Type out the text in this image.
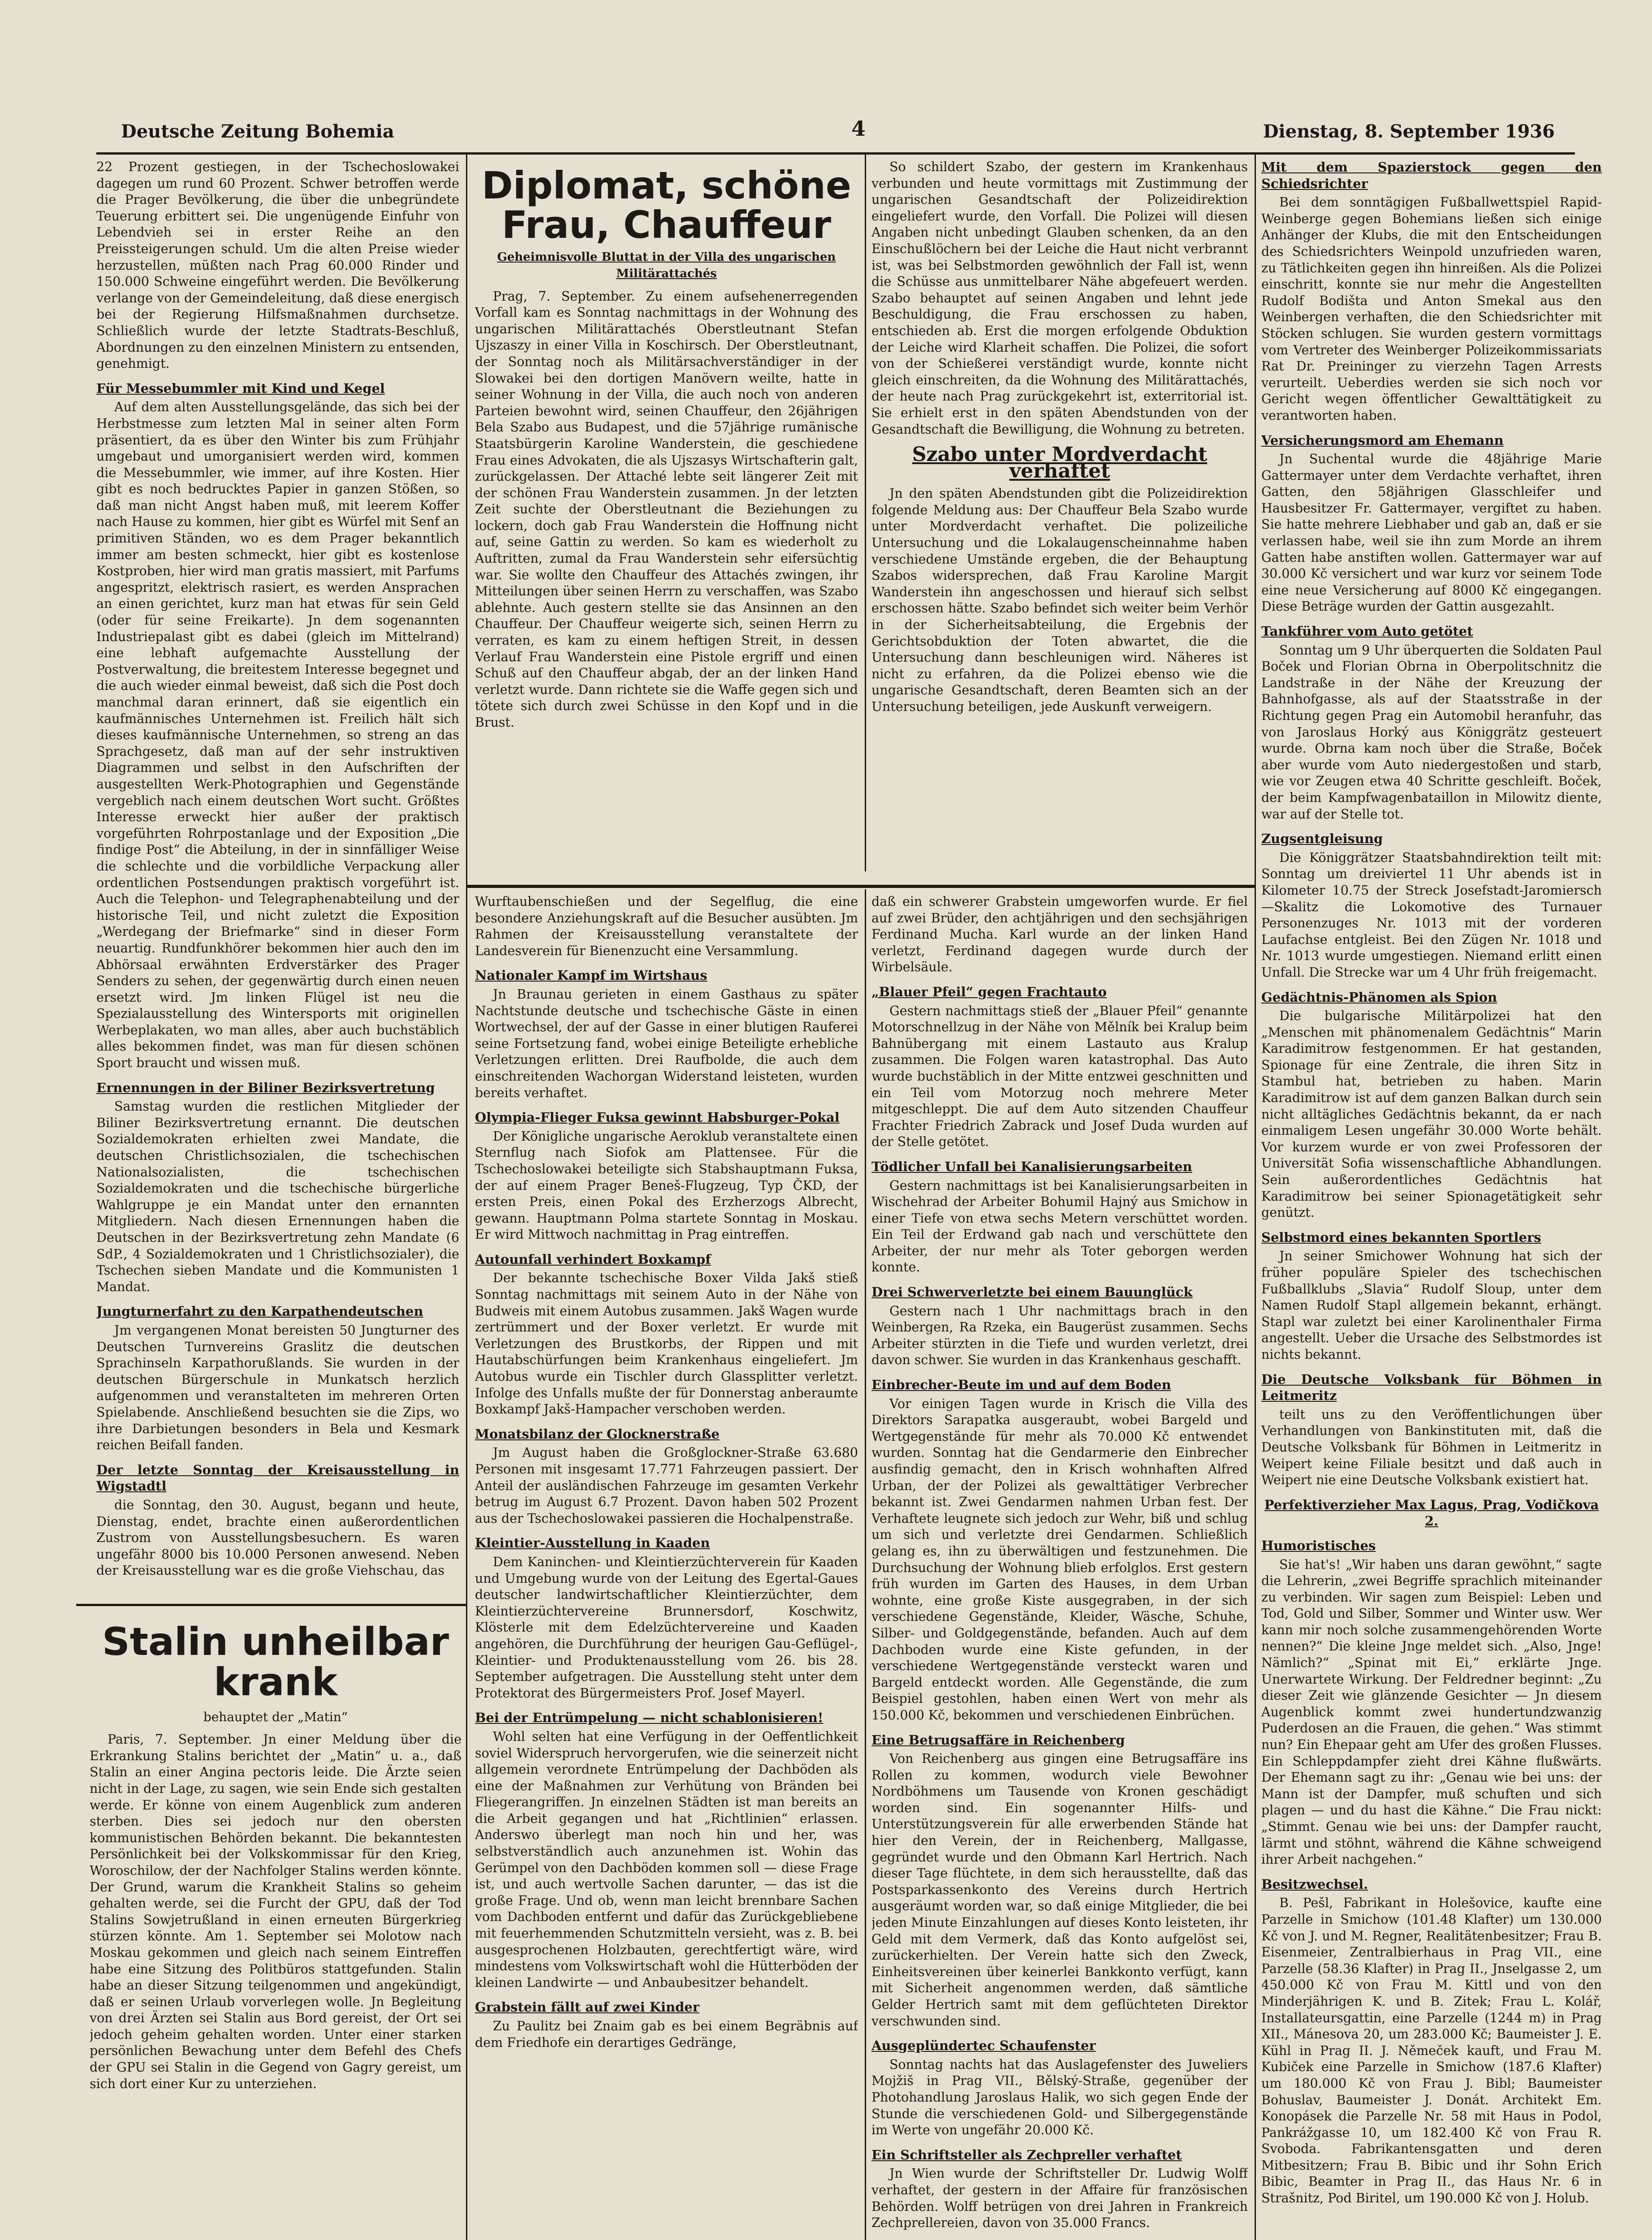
Deutsche Zeitung Bohemia	4	Dienstag, 8. September 1936

22 Prozent gestiegen, in der Tschechoslowakei dagegen um rund 60 Prozent. Schwer betroffen werde die Prager Bevölkerung, die über die unbegründete Teuerung erbittert sei. Die ungenügende Einfuhr von Lebendvieh sei in erster Reihe an den Preissteigerungen schuld. Um die alten Preise wieder herzustellen, müßten nach Prag 60.000 Rinder und 150.000 Schweine eingeführt werden. Die Bevölkerung verlange von der Gemeindeleitung, daß diese energisch bei der Regierung Hilfsmaßnahmen durchsetze. Schließlich wurde der letzte Stadtrats-Beschluß, Abordnungen zu den einzelnen Ministern zu entsenden, genehmigt.

Für Messebummler mit Kind und Kegel

Auf dem alten Ausstellungsgelände, das sich bei der Herbstmesse zum letzten Mal in seiner alten Form präsentiert, da es über den Winter bis zum Frühjahr umgebaut und umorganisiert werden wird, kommen die Messebummler, wie immer, auf ihre Kosten. Hier gibt es noch bedrucktes Papier in ganzen Stößen, so daß man nicht Angst haben muß, mit leerem Koffer nach Hause zu kommen, hier gibt es Würfel mit Senf an primitiven Ständen, wo es dem Prager bekanntlich immer am besten schmeckt, hier gibt es kostenlose Kostproben, hier wird man gratis massiert, mit Parfums angespritzt, elektrisch rasiert, es werden Ansprachen an einen gerichtet, kurz man hat etwas für sein Geld (oder für seine Freikarte). Jn dem sogenannten Industriepalast gibt es dabei (gleich im Mittelrand) eine lebhaft aufgemachte Ausstellung der Postverwaltung, die breitestem Interesse begegnet und die auch wieder einmal beweist, daß sich die Post doch manchmal daran erinnert, daß sie eigentlich ein kaufmännisches Unternehmen ist. Freilich hält sich dieses kaufmännische Unternehmen, so streng an das Sprachgesetz, daß man auf der sehr instruktiven Diagrammen und selbst in den Aufschriften der ausgestellten Werk-Photographien und Gegenstände vergeblich nach einem deutschen Wort sucht. Größtes Interesse erweckt hier außer der praktisch vorgeführten Rohrpostanlage und der Exposition „Die findige Post“ die Abteilung, in der in sinnfälliger Weise die schlechte und die vorbildliche Verpackung aller ordentlichen Postsendungen praktisch vorgeführt ist. Auch die Telephon- und Telegraphenabteilung und der historische Teil, und nicht zuletzt die Exposition „Werdegang der Briefmarke“ sind in dieser Form neuartig. Rundfunkhörer bekommen hier auch den im Abhörsaal erwähnten Erdverstärker des Prager Senders zu sehen, der gegenwärtig durch einen neuen ersetzt wird. Jm linken Flügel ist neu die Spezialausstellung des Wintersports mit originellen Werbeplakaten, wo man alles, aber auch buchstäblich alles bekommen findet, was man für diesen schönen Sport braucht und wissen muß.

Ernennungen in der Biliner Bezirksvertretung

Samstag wurden die restlichen Mitglieder der Biliner Bezirksvertretung ernannt. Die deutschen Sozialdemokraten erhielten zwei Mandate, die deutschen Christlichsozialen, die tschechischen Nationalsozialisten, die tschechischen Sozialdemokraten und die tschechische bürgerliche Wahlgruppe je ein Mandat unter den ernannten Mitgliedern. Nach diesen Ernennungen haben die Deutschen in der Bezirksvertretung zehn Mandate (6 SdP., 4 Sozialdemokraten und 1 Christlichsozialer), die Tschechen sieben Mandate und die Kommunisten 1 Mandat.

Jungturnerfahrt zu den Karpathendeutschen

Jm vergangenen Monat bereisten 50 Jungturner des Deutschen Turnvereins Graslitz die deutschen Sprachinseln Karpathorußlands. Sie wurden in der deutschen Bürgerschule in Munkatsch herzlich aufgenommen und veranstalteten im mehreren Orten Spielabende. Anschließend besuchten sie die Zips, wo ihre Darbietungen besonders in Bela und Kesmark reichen Beifall fanden.

Der letzte Sonntag der Kreisausstellung in Wigstadtl

die Sonntag, den 30. August, begann und heute, Dienstag, endet, brachte einen außerordentlichen Zustrom von Ausstellungsbesuchern. Es waren ungefähr 8000 bis 10.000 Personen anwesend. Neben der Kreisausstellung war es die große Viehschau, das

Stalin unheilbar krank
behauptet der „Matin“

Paris, 7. September. Jn einer Meldung über die Erkrankung Stalins berichtet der „Matin“ u. a., daß Stalin an einer Angina pectoris leide. Die Ärzte seien nicht in der Lage, zu sagen, wie sein Ende sich gestalten werde. Er könne von einem Augenblick zum anderen sterben. Dies sei jedoch nur den obersten kommunistischen Behörden bekannt. Die bekanntesten Persönlichkeit bei der Volkskommissar für den Krieg, Woroschilow, der der Nachfolger Stalins werden könnte. Der Grund, warum die Krankheit Stalins so geheim gehalten werde, sei die Furcht der GPU, daß der Tod Stalins Sowjetrußland in einen erneuten Bürgerkrieg stürzen könnte. Am 1. September sei Molotow nach Moskau gekommen und gleich nach seinem Eintreffen habe eine Sitzung des Politbüros stattgefunden. Stalin habe an dieser Sitzung teilgenommen und angekündigt, daß er seinen Urlaub vorverlegen wolle. Jn Begleitung von drei Ärzten sei Stalin aus Bord gereist, der Ort sei jedoch geheim gehalten worden. Unter einer starken persönlichen Bewachung unter dem Befehl des Chefs der GPU sei Stalin in die Gegend von Gagry gereist, um sich dort einer Kur zu unterziehen.

Diplomat, schöne Frau, Chauffeur
Geheimnisvolle Bluttat in der Villa des ungarischen Militärattachés

Prag, 7. September. Zu einem aufsehenerregenden Vorfall kam es Sonntag nachmittags in der Wohnung des ungarischen Militärattachés Oberstleutnant Stefan Ujszaszy in einer Villa in Koschirsch. Der Oberstleutnant, der Sonntag noch als Militärsachverständiger in der Slowakei bei den dortigen Manövern weilte, hatte in seiner Wohnung in der Villa, die auch noch von anderen Parteien bewohnt wird, seinen Chauffeur, den 26jährigen Bela Szabo aus Budapest, und die 57jährige rumänische Staatsbürgerin Karoline Wanderstein, die geschiedene Frau eines Advokaten, die als Ujszasys Wirtschafterin galt, zurückgelassen. Der Attaché lebte seit längerer Zeit mit der schönen Frau Wanderstein zusammen. Jn der letzten Zeit suchte der Oberstleutnant die Beziehungen zu lockern, doch gab Frau Wanderstein die Hoffnung nicht auf, seine Gattin zu werden. So kam es wiederholt zu Auftritten, zumal da Frau Wanderstein sehr eifersüchtig war. Sie wollte den Chauffeur des Attachés zwingen, ihr Mitteilungen über seinen Herrn zu verschaffen, was Szabo ablehnte. Auch gestern stellte sie das Ansinnen an den Chauffeur. Der Chauffeur weigerte sich, seinen Herrn zu verraten, es kam zu einem heftigen Streit, in dessen Verlauf Frau Wanderstein eine Pistole ergriff und einen Schuß auf den Chauffeur abgab, der an der linken Hand verletzt wurde. Dann richtete sie die Waffe gegen sich und tötete sich durch zwei Schüsse in den Kopf und in die Brust.

So schildert Szabo, der gestern im Krankenhaus verbunden und heute vormittags mit Zustimmung der ungarischen Gesandtschaft der Polizeidirektion eingeliefert wurde, den Vorfall. Die Polizei will diesen Angaben nicht unbedingt Glauben schenken, da an den Einschußlöchern bei der Leiche die Haut nicht verbrannt ist, was bei Selbstmorden gewöhnlich der Fall ist, wenn die Schüsse aus unmittelbarer Nähe abgefeuert werden. Szabo behauptet auf seinen Angaben und lehnt jede Beschuldigung, die Frau erschossen zu haben, entschieden ab. Erst die morgen erfolgende Obduktion der Leiche wird Klarheit schaffen. Die Polizei, die sofort von der Schießerei verständigt wurde, konnte nicht gleich einschreiten, da die Wohnung des Militärattachés, der heute nach Prag zurückgekehrt ist, exterritorial ist. Sie erhielt erst in den späten Abendstunden von der Gesandtschaft die Bewilligung, die Wohnung zu betreten.

Szabo unter Mordverdacht verhaftet

Jn den späten Abendstunden gibt die Polizeidirektion folgende Meldung aus: Der Chauffeur Bela Szabo wurde unter Mordverdacht verhaftet. Die polizeiliche Untersuchung und die Lokalaugenscheinnahme haben verschiedene Umstände ergeben, die der Behauptung Szabos widersprechen, daß Frau Karoline Margit Wanderstein ihn angeschossen und hierauf sich selbst erschossen hätte. Szabo befindet sich weiter beim Verhör in der Sicherheitsabteilung, die Ergebnis der Gerichtsobduktion der Toten abwartet, die die Untersuchung dann beschleunigen wird. Näheres ist nicht zu erfahren, da die Polizei ebenso wie die ungarische Gesandtschaft, deren Beamten sich an der Untersuchung beteiligen, jede Auskunft verweigern.

Wurftaubenschießen und der Segelflug, die eine besondere Anziehungskraft auf die Besucher ausübten. Jm Rahmen der Kreisausstellung veranstaltete der Landesverein für Bienenzucht eine Versammlung.

Nationaler Kampf im Wirtshaus

Jn Braunau gerieten in einem Gasthaus zu später Nachtstunde deutsche und tschechische Gäste in einen Wortwechsel, der auf der Gasse in einer blutigen Rauferei seine Fortsetzung fand, wobei einige Beteiligte erhebliche Verletzungen erlitten. Drei Raufbolde, die auch dem einschreitenden Wachorgan Widerstand leisteten, wurden bereits verhaftet.

Olympia-Flieger Fuksa gewinnt Habsburger-Pokal

Der Königliche ungarische Aeroklub veranstaltete einen Sternflug nach Siofok am Plattensee. Für die Tschechoslowakei beteiligte sich Stabshauptmann Fuksa, der auf einem Prager Beneš-Flugzeug, Typ ČKD, der ersten Preis, einen Pokal des Erzherzogs Albrecht, gewann. Hauptmann Polma startete Sonntag in Moskau. Er wird Mittwoch nachmittag in Prag eintreffen.

Autounfall verhindert Boxkampf

Der bekannte tschechische Boxer Vilda Jakš stieß Sonntag nachmittags mit seinem Auto in der Nähe von Budweis mit einem Autobus zusammen. Jakš Wagen wurde zertrümmert und der Boxer verletzt. Er wurde mit Verletzungen des Brustkorbs, der Rippen und mit Hautabschürfungen beim Krankenhaus eingeliefert. Jm Autobus wurde ein Tischler durch Glassplitter verletzt. Infolge des Unfalls mußte der für Donnerstag anberaumte Boxkampf Jakš-Hampacher verschoben werden.

Monatsbilanz der Glocknerstraße

Jm August haben die Großglockner-Straße 63.680 Personen mit insgesamt 17.771 Fahrzeugen passiert. Der Anteil der ausländischen Fahrzeuge im gesamten Verkehr betrug im August 6.7 Prozent. Davon haben 502 Prozent aus der Tschechoslowakei passieren die Hochalpenstraße.

Kleintier-Ausstellung in Kaaden

Dem Kaninchen- und Kleintierzüchterverein für Kaaden und Umgebung wurde von der Leitung des Egertal-Gaues deutscher landwirtschaftlicher Kleintierzüchter, dem Kleintierzüchtervereine Brunnersdorf, Koschwitz, Klösterle mit dem Edelzüchtervereine und Kaaden angehören, die Durchführung der heurigen Gau-Geflügel-, Kleintier- und Produktenausstellung vom 26. bis 28. September aufgetragen. Die Ausstellung steht unter dem Protektorat des Bürgermeisters Prof. Josef Mayerl.

Bei der Entrümpelung — nicht schablonisieren!

Wohl selten hat eine Verfügung in der Oeffentlichkeit soviel Widerspruch hervorgerufen, wie die seinerzeit nicht allgemein verordnete Entrümpelung der Dachböden als eine der Maßnahmen zur Verhütung von Bränden bei Fliegerangriffen. Jn einzelnen Städten ist man bereits an die Arbeit gegangen und hat „Richtlinien“ erlassen. Anderswo überlegt man noch hin und her, was selbstverständlich auch anzunehmen ist. Wohin das Gerümpel von den Dachböden kommen soll — diese Frage ist, und auch wertvolle Sachen darunter, — das ist die große Frage. Und ob, wenn man leicht brennbare Sachen vom Dachboden entfernt und dafür das Zurückgebliebene mit feuerhemmenden Schutzmitteln versieht, was z. B. bei ausgesprochenen Holzbauten, gerechtfertigt wäre, wird mindestens vom Volkswirtschaft wohl die Hütterböden der kleinen Landwirte — und Anbaubesitzer behandelt.

Grabstein fällt auf zwei Kinder

Zu Paulitz bei Znaim gab es bei einem Begräbnis auf dem Friedhofe ein derartiges Gedränge,

daß ein schwerer Grabstein umgeworfen wurde. Er fiel auf zwei Brüder, den achtjährigen und den sechsjährigen Ferdinand Mucha. Karl wurde an der linken Hand verletzt, Ferdinand dagegen wurde durch der Wirbelsäule.

„Blauer Pfeil“ gegen Frachtauto

Gestern nachmittags stieß der „Blauer Pfeil“ genannte Motorschnellzug in der Nähe von Mělník bei Kralup beim Bahnübergang mit einem Lastauto aus Kralup zusammen. Die Folgen waren katastrophal. Das Auto wurde buchstäblich in der Mitte entzwei geschnitten und ein Teil vom Motorzug noch mehrere Meter mitgeschleppt. Die auf dem Auto sitzenden Chauffeur Frachter Friedrich Zabrack und Josef Duda wurden auf der Stelle getötet.

Tödlicher Unfall bei Kanalisierungsarbeiten

Gestern nachmittags ist bei Kanalisierungsarbeiten in Wischehrad der Arbeiter Bohumil Hajný aus Smichow in einer Tiefe von etwa sechs Metern verschüttet worden. Ein Teil der Erdwand gab nach und verschüttete den Arbeiter, der nur mehr als Toter geborgen werden konnte.

Drei Schwerverletzte bei einem Bauunglück

Gestern nach 1 Uhr nachmittags brach in den Weinbergen, Ra Rzeka, ein Baugerüst zusammen. Sechs Arbeiter stürzten in die Tiefe und wurden verletzt, drei davon schwer. Sie wurden in das Krankenhaus geschafft.

Einbrecher-Beute im und auf dem Boden

Vor einigen Tagen wurde in Krisch die Villa des Direktors Sarapatka ausgeraubt, wobei Bargeld und Wertgegenstände für mehr als 70.000 Kč entwendet wurden. Sonntag hat die Gendarmerie den Einbrecher ausfindig gemacht, den in Krisch wohnhaften Alfred Urban, der der Polizei als gewalttätiger Verbrecher bekannt ist. Zwei Gendarmen nahmen Urban fest. Der Verhaftete leugnete sich jedoch zur Wehr, biß und schlug um sich und verletzte drei Gendarmen. Schließlich gelang es, ihn zu überwältigen und festzunehmen. Die Durchsuchung der Wohnung blieb erfolglos. Erst gestern früh wurden im Garten des Hauses, in dem Urban wohnte, eine große Kiste ausgegraben, in der sich verschiedene Gegenstände, Kleider, Wäsche, Schuhe, Silber- und Goldgegenstände, befanden. Auch auf dem Dachboden wurde eine Kiste gefunden, in der verschiedene Wertgegenstände versteckt waren und Bargeld entdeckt worden. Alle Gegenstände, die zum Beispiel gestohlen, haben einen Wert von mehr als 150.000 Kč, bekommen und verschiedenen Einbrüchen.

Eine Betrugsaffäre in Reichenberg

Von Reichenberg aus gingen eine Betrugsaffäre ins Rollen zu kommen, wodurch viele Bewohner Nordböhmens um Tausende von Kronen geschädigt worden sind. Ein sogenannter Hilfs- und Unterstützungsverein für alle erwerbenden Stände hat hier den Verein, der in Reichenberg, Mallgasse, gegründet wurde und den Obmann Karl Hertrich. Nach dieser Tage flüchtete, in dem sich herausstellte, daß das Postsparkassenkonto des Vereins durch Hertrich ausgeräumt worden war, so daß einige Mitglieder, die bei jeden Minute Einzahlungen auf dieses Konto leisteten, ihr Geld mit dem Vermerk, daß das Konto aufgelöst sei, zurückerhielten. Der Verein hatte sich den Zweck, Einheitsvereinen über keinerlei Bankkonto verfügt, kann mit Sicherheit angenommen werden, daß sämtliche Gelder Hertrich samt mit dem geflüchteten Direktor verschwunden sind.

Ausgeplünderteс Schaufenster

Sonntag nachts hat das Auslagefenster des Juweliers Mojžiš in Prag VII., Bělský-Straße, gegenüber der Photohandlung Jaroslaus Halik, wo sich gegen Ende der Stunde die verschiedenen Gold- und Silbergegenstände im Werte von ungefähr 20.000 Kč.

Ein Schriftsteller als Zechpreller verhaftet

Jn Wien wurde der Schriftsteller Dr. Ludwig Wolff verhaftet, der gestern in der Affaire für französischen Behörden. Wolff betrügen von drei Jahren in Frankreich Zechprellereien, davon von 35.000 Francs.

Mit dem Spazierstock gegen den Schiedsrichter

Bei dem sonntägigen Fußballwettspiel Rapid-Weinberge gegen Bohemians ließen sich einige Anhänger der Klubs, die mit den Entscheidungen des Schiedsrichters Weinpold unzufrieden waren, zu Tätlichkeiten gegen ihn hinreißen. Als die Polizei einschritt, konnte sie nur mehr die Angestellten Rudolf Bodišta und Anton Smekal aus den Weinbergen verhaften, die den Schiedsrichter mit Stöcken schlugen. Sie wurden gestern vormittags vom Vertreter des Weinberger Polizeikommissariats Rat Dr. Preininger zu vierzehn Tagen Arrests verurteilt. Ueberdies werden sie sich noch vor Gericht wegen öffentlicher Gewalttätigkeit zu verantworten haben.

Versicherungsmord am Ehemann

Jn Suchental wurde die 48jährige Marie Gattermayer unter dem Verdachte verhaftet, ihren Gatten, den 58jährigen Glasschleifer und Hausbesitzer Fr. Gattermayer, vergiftet zu haben. Sie hatte mehrere Liebhaber und gab an, daß er sie verlassen habe, weil sie ihn zum Morde an ihrem Gatten habe anstiften wollen. Gattermayer war auf 30.000 Kč versichert und war kurz vor seinem Tode eine neue Versicherung auf 8000 Kč eingegangen. Diese Beträge wurden der Gattin ausgezahlt.

Tankführer vom Auto getötet

Sonntag um 9 Uhr überquerten die Soldaten Paul Boček und Florian Obrna in Oberpolitschnitz die Landstraße in der Nähe der Kreuzung der Bahnhofgasse, als auf der Staatsstraße in der Richtung gegen Prag ein Automobil heranfuhr, das von Jaroslaus Horký aus Königgrätz gesteuert wurde. Obrna kam noch über die Straße, Boček aber wurde vom Auto niedergestoßen und starb, wie vor Zeugen etwa 40 Schritte geschleift. Boček, der beim Kampfwagenbataillon in Milowitz diente, war auf der Stelle tot.

Zugsentgleisung

Die Königgrätzer Staatsbahndirektion teilt mit: Sonntag um dreiviertel 11 Uhr abends ist in Kilometer 10.75 der Streck Josefstadt-Jaromiersch—Skalitz die Lokomotive des Turnauer Personenzuges Nr. 1013 mit der vorderen Laufachse entgleist. Bei den Zügen Nr. 1018 und Nr. 1013 wurde umgestiegen. Niemand erlitt einen Unfall. Die Strecke war um 4 Uhr früh freigemacht.

Gedächtnis-Phänomen als Spion

Die bulgarische Militärpolizei hat den „Menschen mit phänomenalem Gedächtnis“ Marin Karadimitrow festgenommen. Er hat gestanden, Spionage für eine Zentrale, die ihren Sitz in Stambul hat, betrieben zu haben. Marin Karadimitrow ist auf dem ganzen Balkan durch sein nicht alltägliches Gedächtnis bekannt, da er nach einmaligem Lesen ungefähr 30.000 Worte behält. Vor kurzem wurde er von zwei Professoren der Universität Sofia wissenschaftliche Abhandlungen. Sein außerordentliches Gedächtnis hat Karadimitrow bei seiner Spionagetätigkeit sehr genützt.

Selbstmord eines bekannten Sportlers

Jn seiner Smichower Wohnung hat sich der früher populäre Spieler des tschechischen Fußballklubs „Slavia“ Rudolf Sloup, unter dem Namen Rudolf Stapl allgemein bekannt, erhängt. Stapl war zuletzt bei einer Karolinenthaler Firma angestellt. Ueber die Ursache des Selbstmordes ist nichts bekannt.

Die Deutsche Volksbank für Böhmen in Leitmeritz

teilt uns zu den Veröffentlichungen über Verhandlungen von Bankinstituten mit, daß die Deutsche Volksbank für Böhmen in Leitmeritz in Weipert keine Filiale besitzt und daß auch in Weipert nie eine Deutsche Volksbank existiert hat.

Perfektiverzieher Max Lagus, Prag, Vodičkova 2.
Humoristisches

Sie hat's! „Wir haben uns daran gewöhnt,“ sagte die Lehrerin, „zwei Begriffe sprachlich miteinander zu verbinden. Wir sagen zum Beispiel: Leben und Tod, Gold und Silber, Sommer und Winter usw. Wer kann mir noch solche zusammengehörenden Worte nennen?“ Die kleine Jnge meldet sich. „Also, Jnge! Nämlich?“ „Spinat mit Ei,“ erklärte Jnge. Unerwartete Wirkung. Der Feldredner beginnt: „Zu dieser Zeit wie glänzende Gesichter — Jn diesem Augenblick kommt zwei hundertundzwanzig Puderdosen an die Frauen, die gehen.“ Was stimmt nun? Ein Ehepaar geht am Ufer des großen Flusses. Ein Schleppdampfer zieht drei Kähne flußwärts. Der Ehemann sagt zu ihr: „Genau wie bei uns: der Mann ist der Dampfer, muß schuften und sich plagen — und du hast die Kähne.“ Die Frau nickt: „Stimmt. Genau wie bei uns: der Dampfer raucht, lärmt und stöhnt, während die Kähne schweigend ihrer Arbeit nachgehen.“

Besitzwechsel.

B. Pešl, Fabrikant in Holešovice, kaufte eine Parzelle in Smichow (101.48 Klafter) um 130.000 Kč von J. und M. Regner, Realitätenbesitzer; Frau B. Eisenmeier, Zentralbierhaus in Prag VII., eine Parzelle (58.36 Klafter) in Prag II., Jnselgasse 2, um 450.000 Kč von Frau M. Kittl und von den Minderjährigen K. und B. Zitek; Frau L. Kolář, Installateursgattin, eine Parzelle (1244 m) in Prag XII., Mánesova 20, um 283.000 Kč; Baumeister J. E. Kühl in Prag II. J. Němeček kauft, und Frau M. Kubiček eine Parzelle in Smichow (187.6 Klafter) um 180.000 Kč von Frau J. Bibl; Baumeister Bohuslav, Baumeister J. Donát. Architekt Em. Konopásek die Parzelle Nr. 58 mit Haus in Podol, Pankrážgasse 10, um 182.400 Kč von Frau R. Svoboda. Fabrikantensgatten und deren Mitbesitzern; Frau B. Bibic und ihr Sohn Erich Bibic, Beamter in Prag II., das Haus Nr. 6 in Strašnitz, Pod Biritel, um 190.000 Kč von J. Holub.
